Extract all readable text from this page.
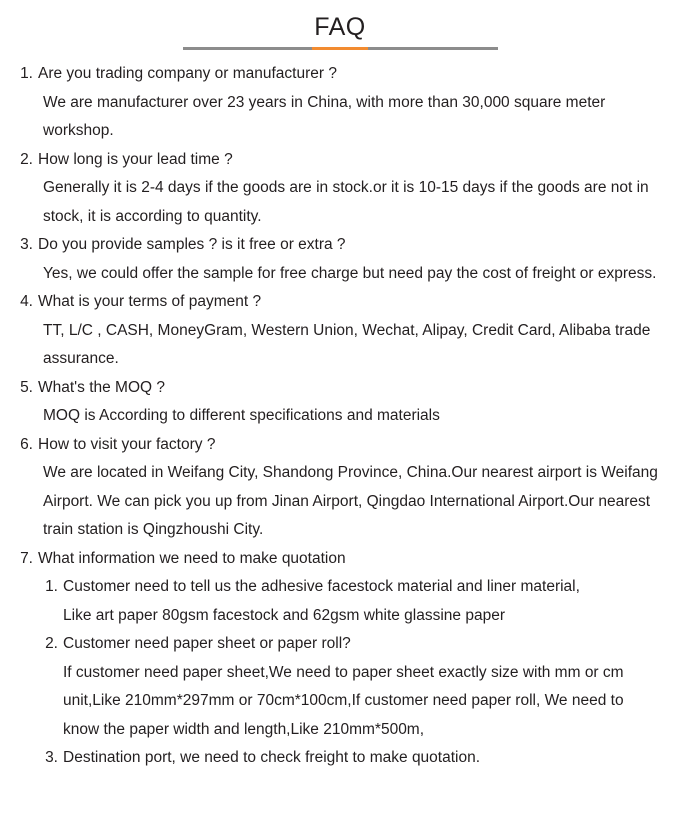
FAQ
1. Are you trading company or manufacturer ?
We are manufacturer over 23 years in China, with more than 30,000 square meter workshop.
2. How long is your lead time ?
Generally it is 2-4 days if the goods are in stock.or it is 10-15 days if the goods are not in stock, it is according to quantity.
3. Do you provide samples ? is it free or extra ?
Yes, we could offer the sample for free charge but need pay the cost of freight or express.
4. What is your terms of payment ?
TT, L/C , CASH, MoneyGram, Western Union, Wechat, Alipay, Credit Card, Alibaba trade assurance.
5. What's the MOQ ?
MOQ is According to different specifications and materials
6. How to visit your factory ?
We are located in Weifang City, Shandong Province, China.Our nearest airport is Weifang Airport. We can pick you up from Jinan Airport, Qingdao International Airport.Our nearest train station is Qingzhoushi City.
7. What information we need to make quotation
1. Customer need to tell us the adhesive facestock material and liner material,
Like art paper 80gsm facestock and 62gsm white glassine paper
2. Customer need paper sheet or paper roll?
If customer need paper sheet,We need to paper sheet exactly size with mm or cm unit,Like 210mm*297mm or 70cm*100cm,If customer need paper roll, We need to know the paper width and length,Like 210mm*500m,
3. Destination port, we need to check freight to make quotation.
